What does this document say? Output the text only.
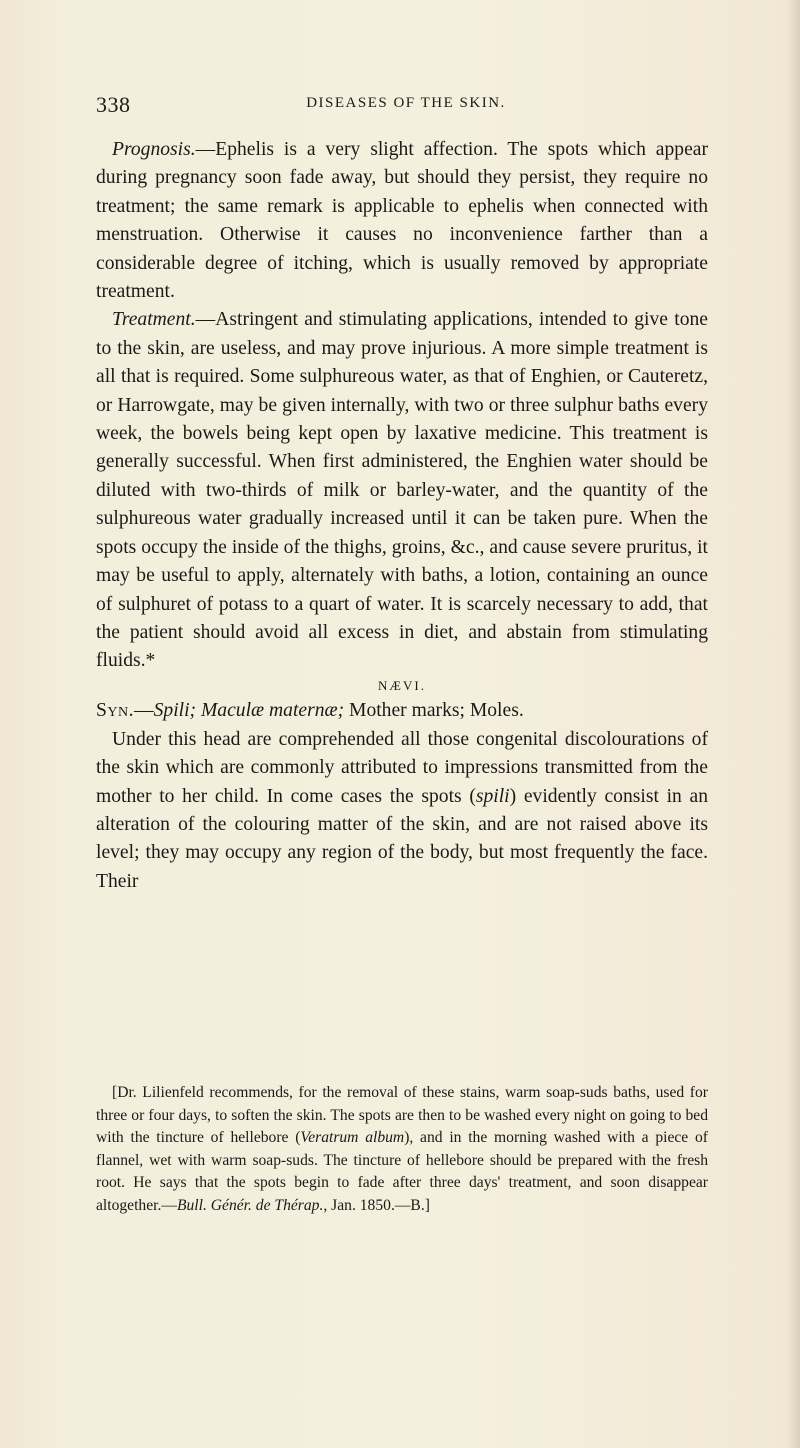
338	DISEASES OF THE SKIN.

Prognosis.—Ephelis is a very slight affection. The spots which appear during pregnancy soon fade away, but should they persist, they require no treatment; the same remark is applicable to ephelis when connected with menstruation. Otherwise it causes no inconvenience farther than a considerable degree of itching, which is usually removed by appropriate treatment.

Treatment.—Astringent and stimulating applications, intended to give tone to the skin, are useless, and may prove injurious. A more simple treatment is all that is required. Some sulphureous water, as that of Enghien, or Cauteretz, or Harrowgate, may be given internally, with two or three sulphur baths every week, the bowels being kept open by laxative medicine. This treatment is generally successful. When first administered, the Enghien water should be diluted with two-thirds of milk or barley-water, and the quantity of the sulphureous water gradually increased until it can be taken pure. When the spots occupy the inside of the thighs, groins, &c., and cause severe pruritus, it may be useful to apply, alternately with baths, a lotion, containing an ounce of sulphuret of potass to a quart of water. It is scarcely necessary to add, that the patient should avoid all excess in diet, and abstain from stimulating fluids.*

NÆVI.

Syn.—Spili; Maculæ maternæ; Mother marks; Moles.

Under this head are comprehended all those congenital discolourations of the skin which are commonly attributed to impressions transmitted from the mother to her child. In come cases the spots (spili) evidently consist in an alteration of the colouring matter of the skin, and are not raised above its level; they may occupy any region of the body, but most frequently the face. Their

[Dr. Lilienfeld recommends, for the removal of these stains, warm soap-suds baths, used for three or four days, to soften the skin. The spots are then to be washed every night on going to bed with the tincture of hellebore (Veratrum album), and in the morning washed with a piece of flannel, wet with warm soap-suds. The tincture of hellebore should be prepared with the fresh root. He says that the spots begin to fade after three days' treatment, and soon disappear altogether.—Bull. Génér. de Thérap., Jan. 1850.—B.]
